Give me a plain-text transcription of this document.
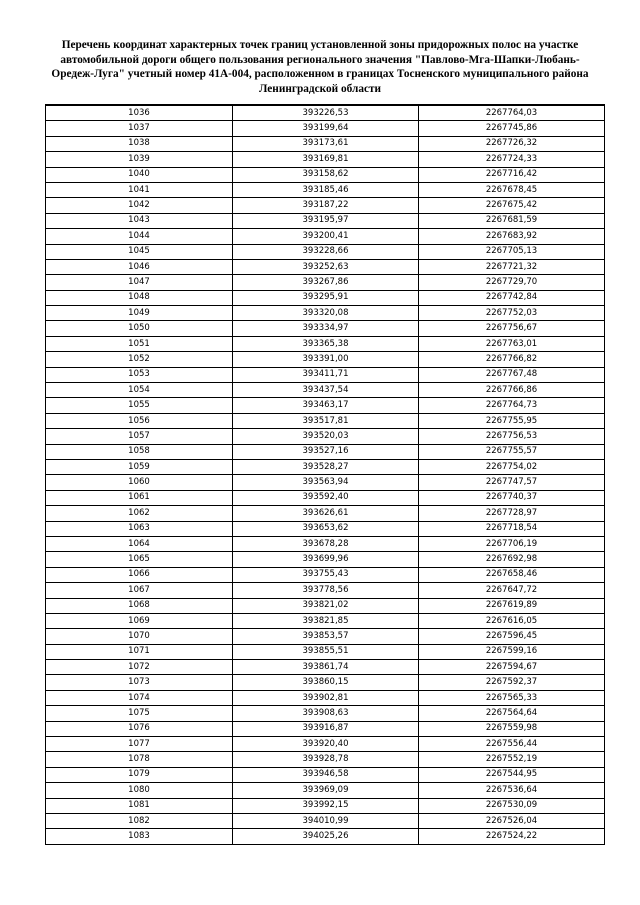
Перечень координат характерных точек границ установленной зоны придорожных полос на участке автомобильной дороги общего пользования регионального значения "Павлово-Мга-Шапки-Любань-Оредеж-Луга" учетный номер 41А-004, расположенном в границах Тосненского муниципального района Ленинградской области
1036	393226,53	2267764,03
1037	393199,64	2267745,86
1038	393173,61	2267726,32
1039	393169,81	2267724,33
1040	393158,62	2267716,42
1041	393185,46	2267678,45
1042	393187,22	2267675,42
1043	393195,97	2267681,59
1044	393200,41	2267683,92
1045	393228,66	2267705,13
1046	393252,63	2267721,32
1047	393267,86	2267729,70
1048	393295,91	2267742,84
1049	393320,08	2267752,03
1050	393334,97	2267756,67
1051	393365,38	2267763,01
1052	393391,00	2267766,82
1053	393411,71	2267767,48
1054	393437,54	2267766,86
1055	393463,17	2267764,73
1056	393517,81	2267755,95
1057	393520,03	2267756,53
1058	393527,16	2267755,57
1059	393528,27	2267754,02
1060	393563,94	2267747,57
1061	393592,40	2267740,37
1062	393626,61	2267728,97
1063	393653,62	2267718,54
1064	393678,28	2267706,19
1065	393699,96	2267692,98
1066	393755,43	2267658,46
1067	393778,56	2267647,72
1068	393821,02	2267619,89
1069	393821,85	2267616,05
1070	393853,57	2267596,45
1071	393855,51	2267599,16
1072	393861,74	2267594,67
1073	393860,15	2267592,37
1074	393902,81	2267565,33
1075	393908,63	2267564,64
1076	393916,87	2267559,98
1077	393920,40	2267556,44
1078	393928,78	2267552,19
1079	393946,58	2267544,95
1080	393969,09	2267536,64
1081	393992,15	2267530,09
1082	394010,99	2267526,04
1083	394025,26	2267524,22
